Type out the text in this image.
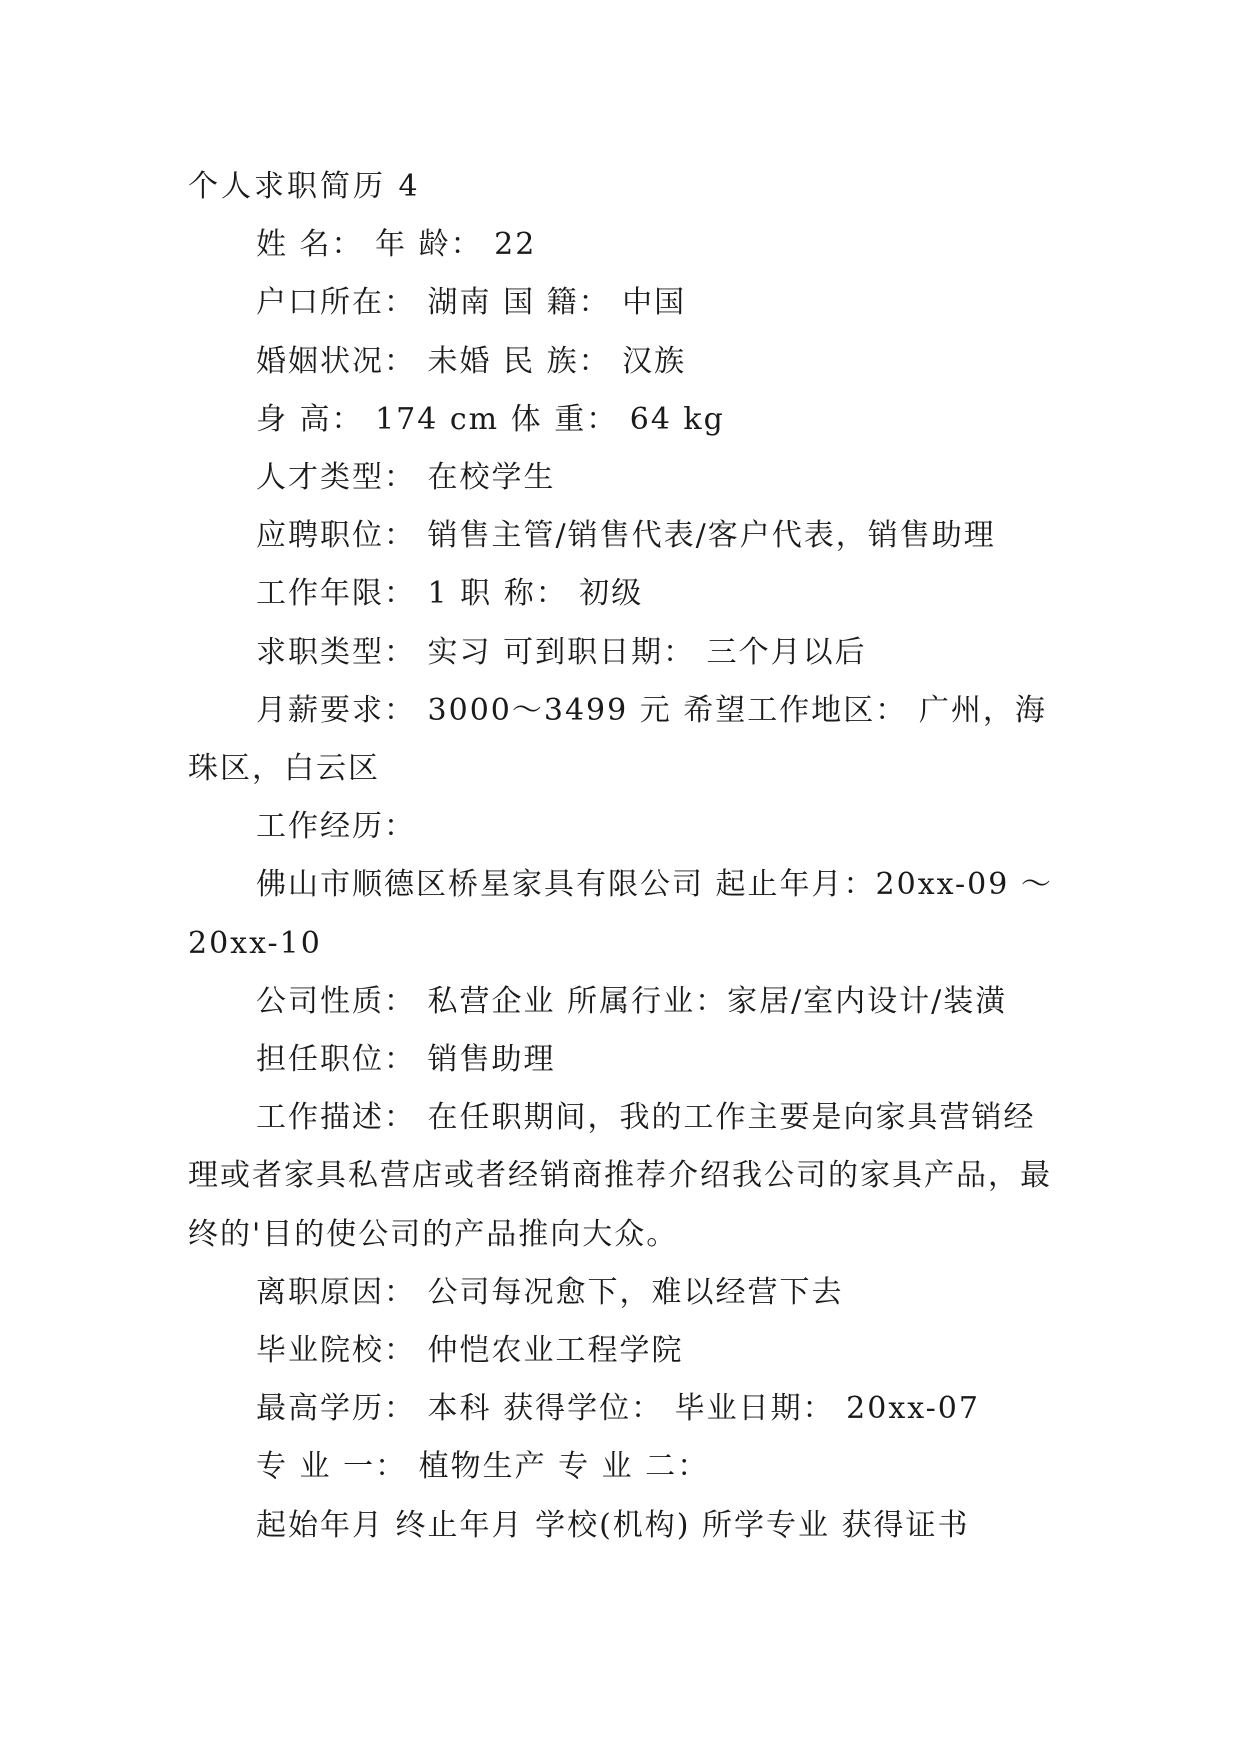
个人求职简历 4

姓 名： 年 龄： 22

户口所在： 湖南 国 籍： 中国

婚姻状况： 未婚 民 族： 汉族

身 高： 174 cm 体 重： 64 kg

人才类型： 在校学生

应聘职位： 销售主管/销售代表/客户代表，销售助理

工作年限： 1 职 称： 初级

求职类型： 实习 可到职日期： 三个月以后

月薪要求： 3000～3499 元 希望工作地区： 广州，海珠区，白云区

工作经历：

佛山市顺德区桥星家具有限公司 起止年月：20xx-09 ～ 20xx-10

公司性质： 私营企业 所属行业：家居/室内设计/装潢

担任职位： 销售助理

工作描述： 在任职期间，我的工作主要是向家具营销经理或者家具私营店或者经销商推荐介绍我公司的家具产品，最终的'目的使公司的产品推向大众。

离职原因： 公司每况愈下，难以经营下去

毕业院校： 仲恺农业工程学院

最高学历： 本科 获得学位： 毕业日期： 20xx-07

专 业 一： 植物生产 专 业 二：

起始年月 终止年月 学校(机构) 所学专业 获得证书
